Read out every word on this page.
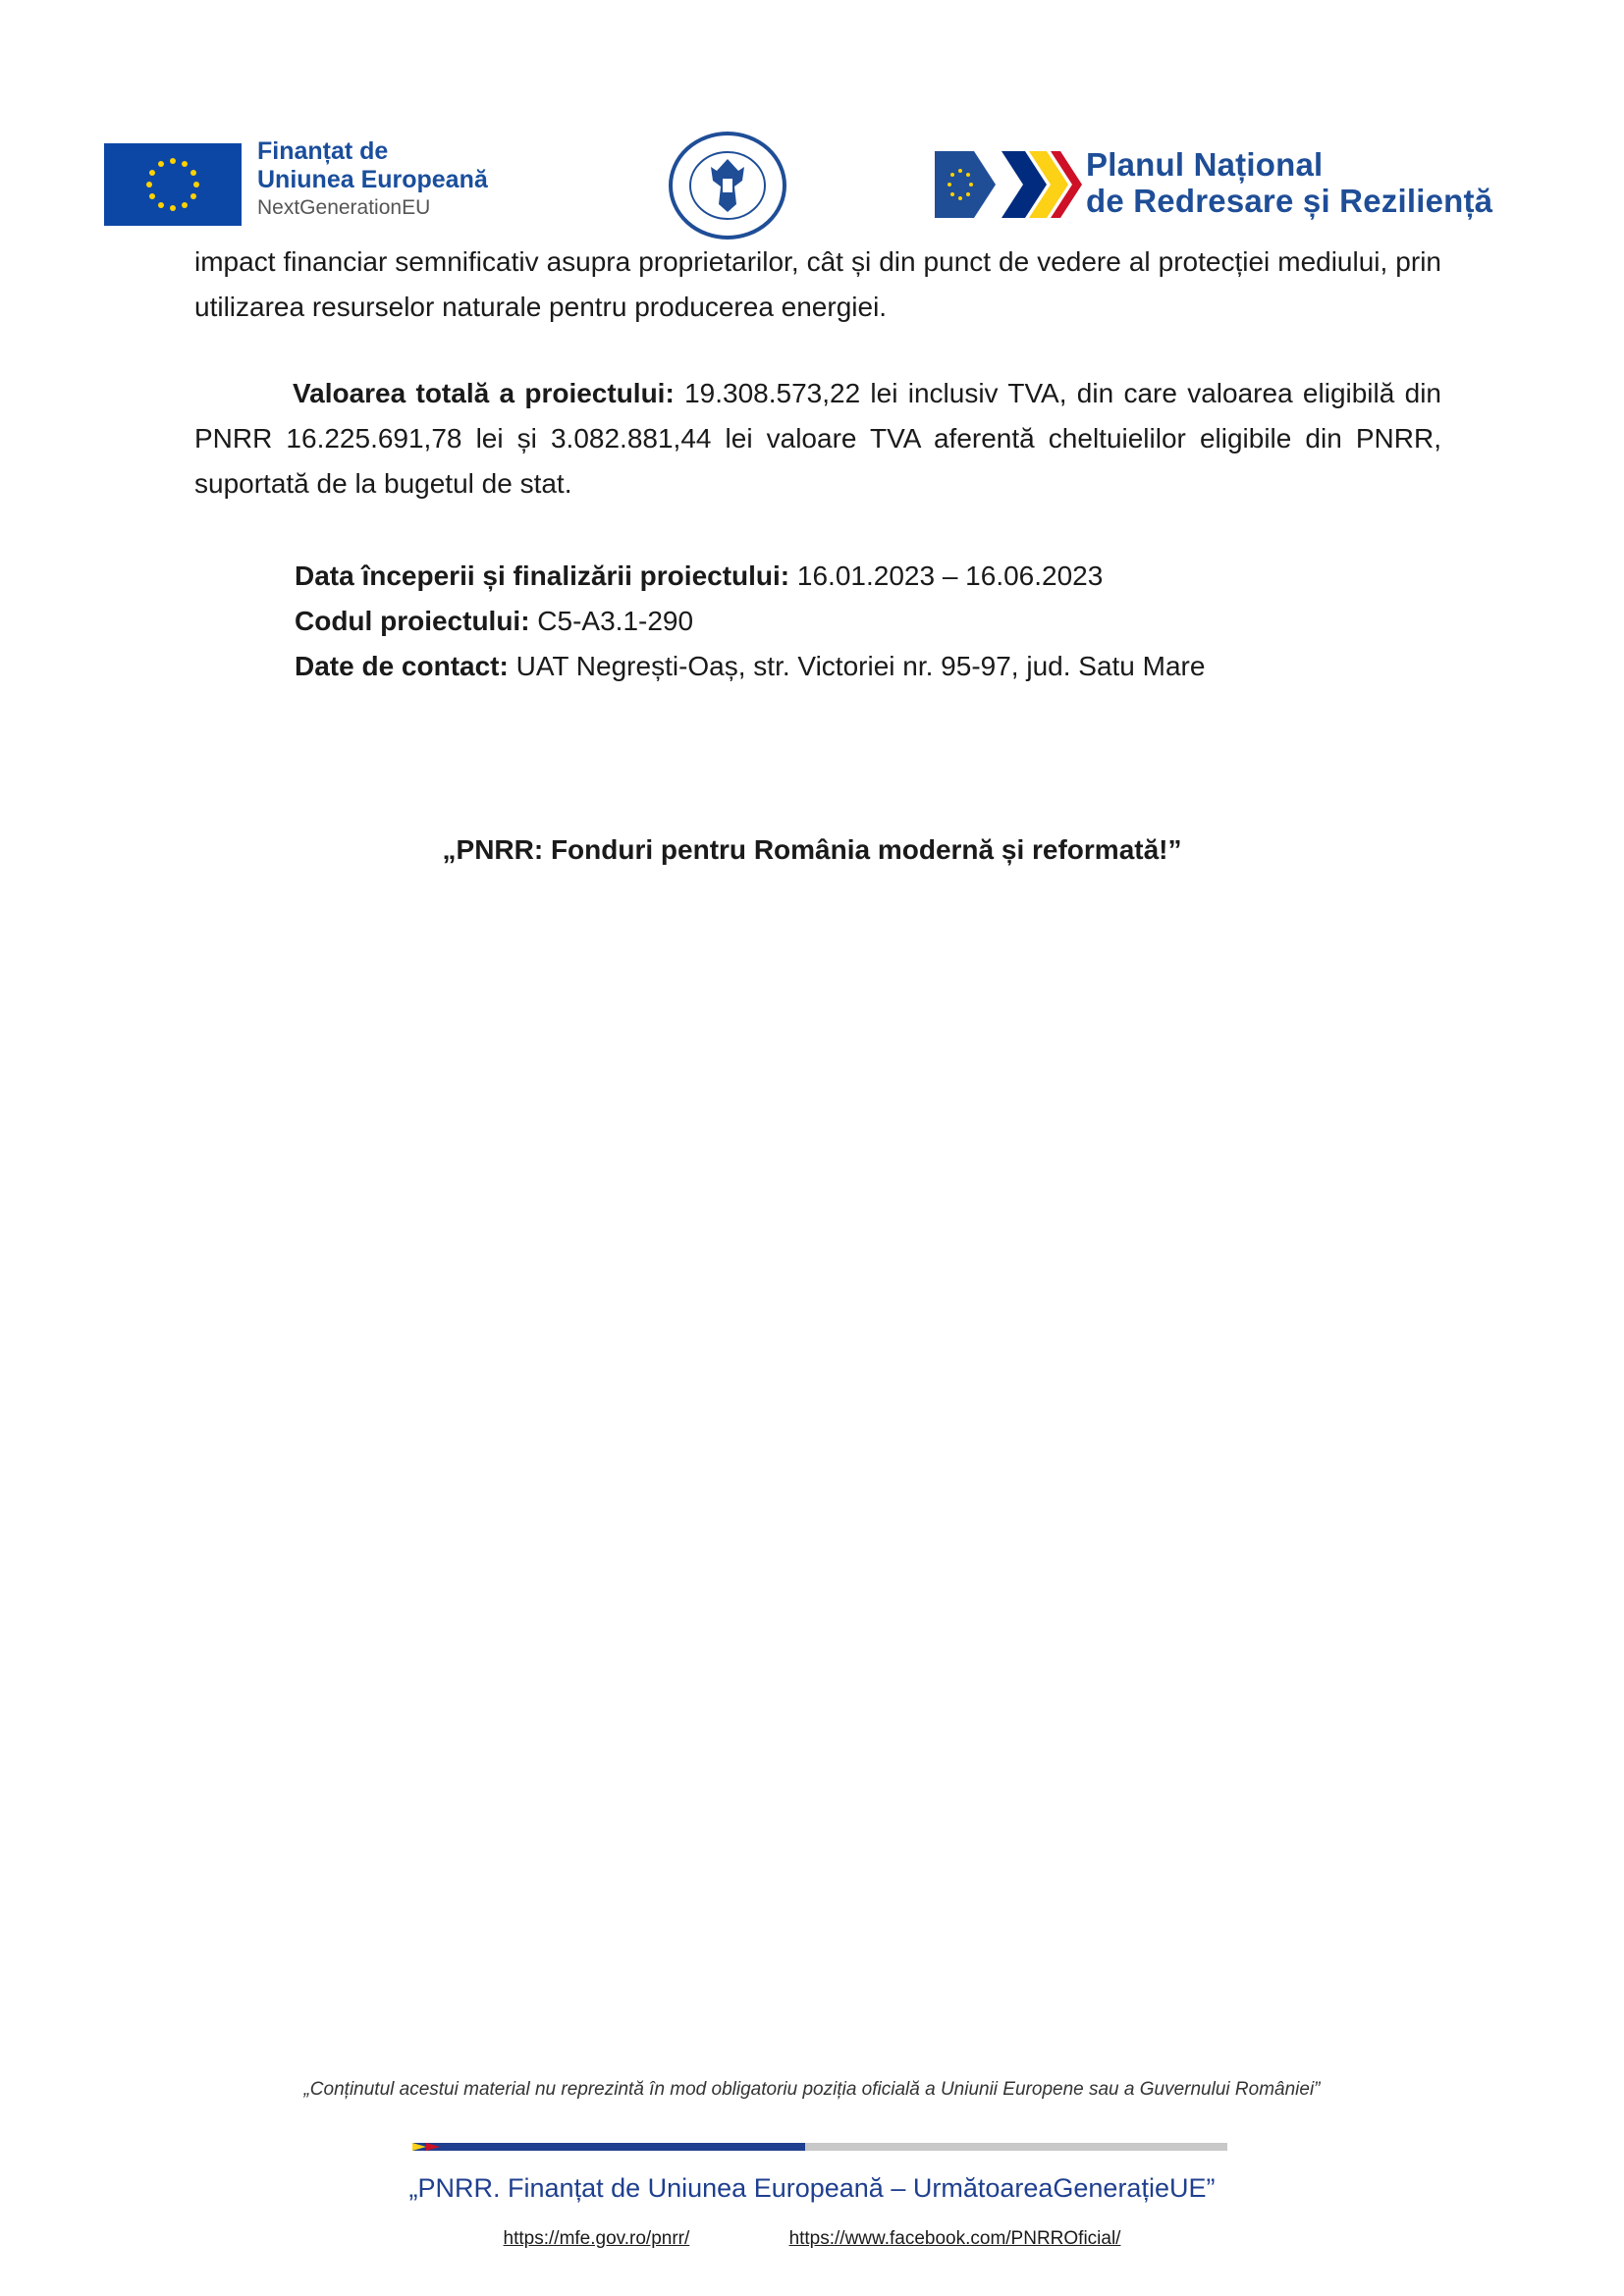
Finanțat de
Uniunea Europeană
NextGenerationEU
Planul Național
de Redresare și Reziliență
impact financiar semnificativ asupra proprietarilor, cât și din punct de vedere al protecției mediului, prin utilizarea resurselor naturale pentru producerea energiei.
Valoarea totală a proiectului: 19.308.573,22 lei inclusiv TVA, din care valoarea eligibilă din PNRR 16.225.691,78 lei și 3.082.881,44 lei valoare TVA aferentă cheltuielilor eligibile din PNRR, suportată de la bugetul de stat.
Data începerii și finalizării proiectului: 16.01.2023 – 16.06.2023
Codul proiectului: C5-A3.1-290
Date de contact: UAT Negrești-Oaș, str. Victoriei nr. 95-97, jud. Satu Mare
„PNRR: Fonduri pentru România modernă și reformată!”
„Conținutul acestui material nu reprezintă în mod obligatoriu poziția oficială a Uniunii Europene sau a Guvernului României”
„PNRR. Finanțat de Uniunea Europeană – UrmătoareaGenerațieUE”
https://mfe.gov.ro/pnrr/	https://www.facebook.com/PNRROficial/
